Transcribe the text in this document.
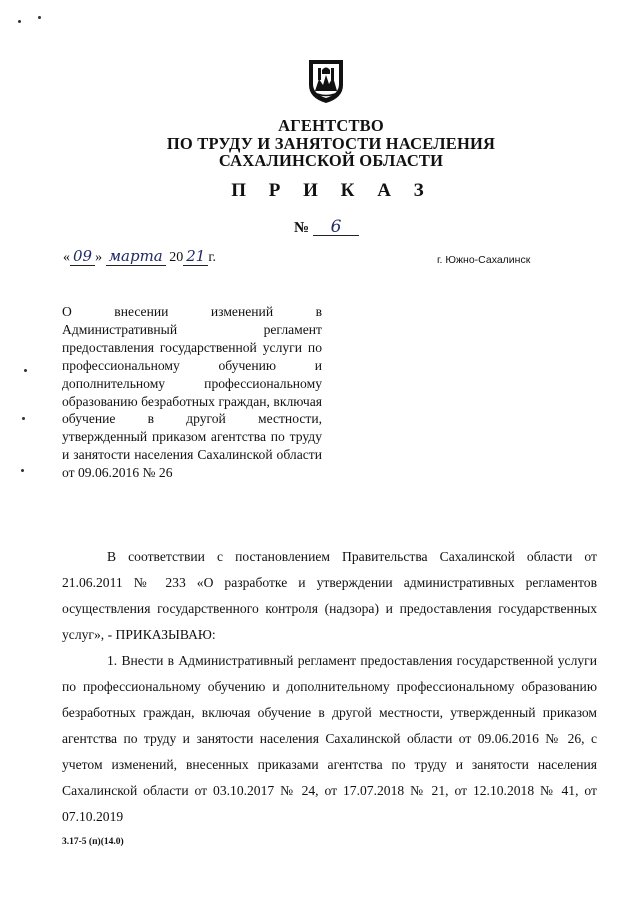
АГЕНТСТВО
ПО ТРУДУ И ЗАНЯТОСТИ НАСЕЛЕНИЯ
САХАЛИНСКОЙ ОБЛАСТИ
П Р И К А З
№ 6
« 09 » марта 20 21 г.	г. Южно-Сахалинск
О внесении изменений в Административный регламент предоставления государственной услуги по профессиональному обучению и дополнительному профессиональному образованию безработных граждан, включая обучение в другой местности, утвержденный приказом агентства по труду и занятости населения Сахалинской области от 09.06.2016 № 26
В соответствии с постановлением Правительства Сахалинской области от 21.06.2011 № 233 «О разработке и утверждении административных регламентов осуществления государственного контроля (надзора) и предоставления государственных услуг», - ПРИКАЗЫВАЮ:
1. Внести в Административный регламент предоставления государственной услуги по профессиональному обучению и дополнительному профессиональному образованию безработных граждан, включая обучение в другой местности, утвержденный приказом агентства по труду и занятости населения Сахалинской области от 09.06.2016 № 26, с учетом изменений, внесенных приказами агентства по труду и занятости населения Сахалинской области от 03.10.2017 № 24, от 17.07.2018 № 21, от 12.10.2018 № 41, от 07.10.2019
3.17-5 (п)(14.0)
